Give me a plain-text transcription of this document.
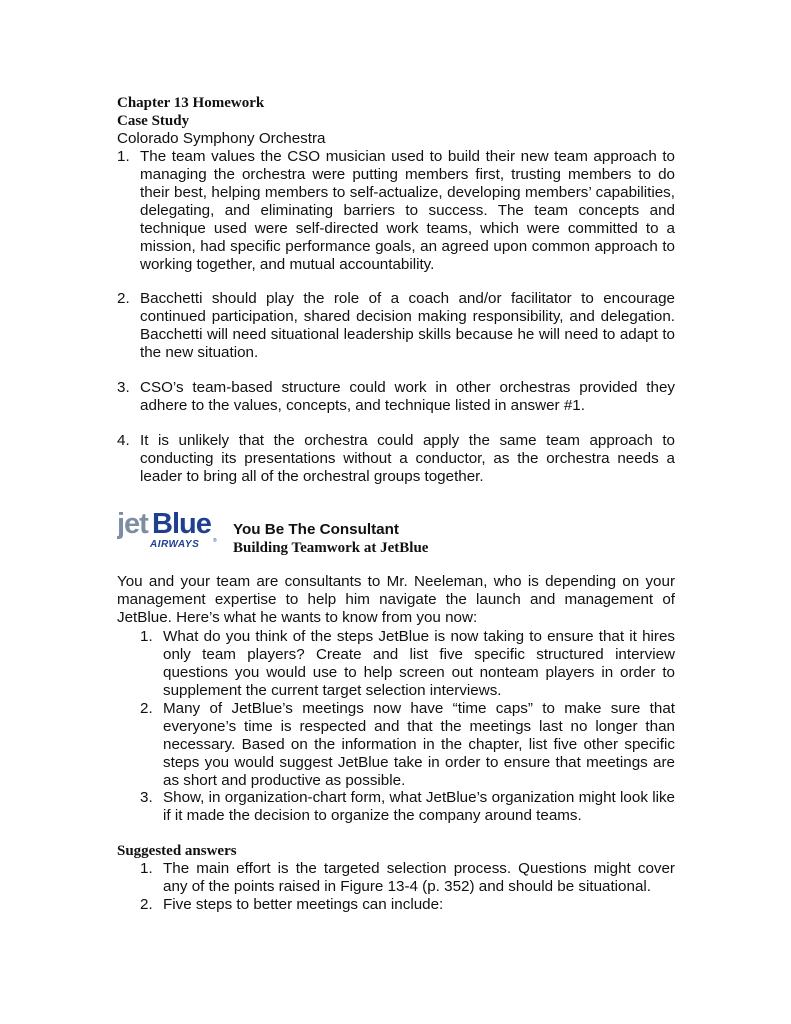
Chapter 13 Homework
Case Study
Colorado Symphony Orchestra
1. The team values the CSO musician used to build their new team approach to managing the orchestra were putting members first, trusting members to do their best, helping members to self-actualize, developing members’ capabilities, delegating, and eliminating barriers to success. The team concepts and technique used were self-directed work teams, which were committed to a mission, had specific performance goals, an agreed upon common approach to working together, and mutual accountability.
2. Bacchetti should play the role of a coach and/or facilitator to encourage continued participation, shared decision making responsibility, and delegation. Bacchetti will need situational leadership skills because he will need to adapt to the new situation.
3. CSO’s team-based structure could work in other orchestras provided they adhere to the values, concepts, and technique listed in answer #1.
4. It is unlikely that the orchestra could apply the same team approach to conducting its presentations without a conductor, as the orchestra needs a leader to bring all of the orchestral groups together.
jet Blue
AIRWAYS	®
You Be The Consultant
Building Teamwork at JetBlue
You and your team are consultants to Mr. Neeleman, who is depending on your management expertise to help him navigate the launch and management of JetBlue. Here’s what he wants to know from you now:
1. What do you think of the steps JetBlue is now taking to ensure that it hires only team players? Create and list five specific structured interview questions you would use to help screen out nonteam players in order to supplement the current target selection interviews.
2. Many of JetBlue’s meetings now have “time caps” to make sure that everyone’s time is respected and that the meetings last no longer than necessary. Based on the information in the chapter, list five other specific steps you would suggest JetBlue take in order to ensure that meetings are as short and productive as possible.
3. Show, in organization-chart form, what JetBlue’s organization might look like if it made the decision to organize the company around teams.
Suggested answers
1. The main effort is the targeted selection process. Questions might cover any of the points raised in Figure 13-4 (p. 352) and should be situational.
2. Five steps to better meetings can include:
